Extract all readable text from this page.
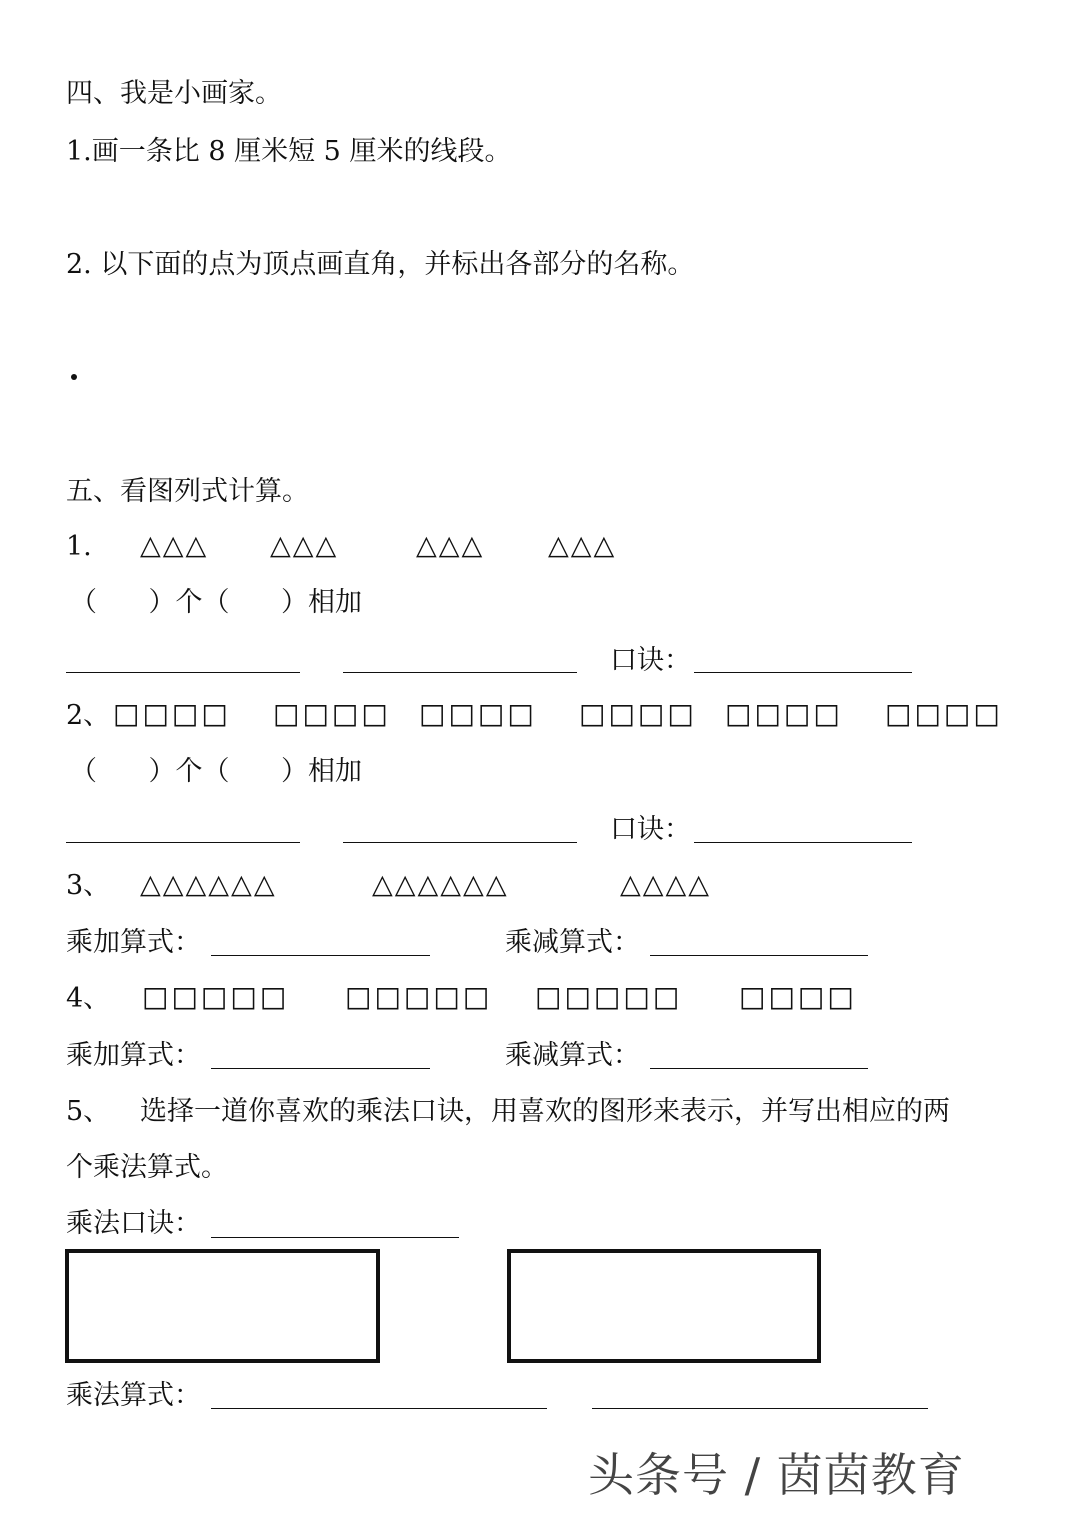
四、我是小画家。
1.画一条比 8 厘米短 5 厘米的线段。
2. 以下面的点为顶点画直角，并标出各部分的名称。
五、看图列式计算。
1. △△△ △△△	△△△ △△△
（      ）个（      ）相加
口诀：
2、 □□□□ □□□□ □□□□ □□□□ □□□□ □□□□
（      ）个（      ）相加
口诀：
3、 △△△△△△	△△△△△△	△△△△
乘加算式：	乘减算式：
4、 □□□□□ □□□□□ □□□□□ □□□□
乘加算式：	乘减算式：
5、 选择一道你喜欢的乘法口诀，用喜欢的图形来表示，并写出相应的两
个乘法算式。
乘法口诀：
乘法算式：
头条号 / 茵茵教育
